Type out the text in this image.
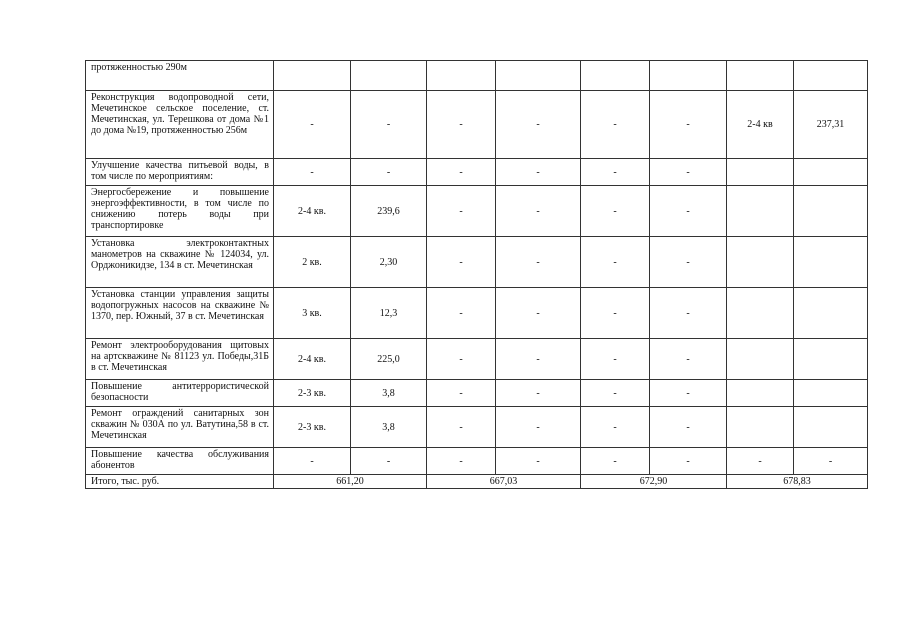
протяженностью 290м								
Реконструкция водопроводной сети, Мечетинское сельское поселение, ст. Мечетинская, ул. Терешкова от дома №1 до дома №19, протяженностью 256м	-	-	-	-	-	-	2-4 кв	237,31
Улучшение качества питьевой воды, в том числе по мероприятиям:	-	-	-	-	-	-		
Энергосбережение и повышение энергоэффективности, в том числе по снижению потерь воды при транспортировке	2-4 кв.	239,6	-	-	-	-		
Установка электроконтактных манометров на скважине № 124034, ул. Орджоникидзе, 134 в ст. Мечетинская	2 кв.	2,30	-	-	-	-		
Установка станции управления защиты водопогружных насосов на скважине № 1370, пер. Южный, 37 в ст. Мечетинская	3 кв.	12,3	-	-	-	-		
Ремонт электрооборудования щитовых на артскважине № 81123 ул. Победы,31Б в ст. Мечетинская	2-4 кв.	225,0	-	-	-	-		
Повышение антитеррористической безопасности	2-3 кв.	3,8	-	-	-	-		
Ремонт ограждений санитарных зон скважин № 030А по ул. Ватутина,58 в ст. Мечетинская	2-3 кв.	3,8	-	-	-	-		
Повышение качества обслуживания абонентов	-	-	-	-	-	-	-	-
Итого, тыс. руб.	661,20		667,03		672,90		678,83	
